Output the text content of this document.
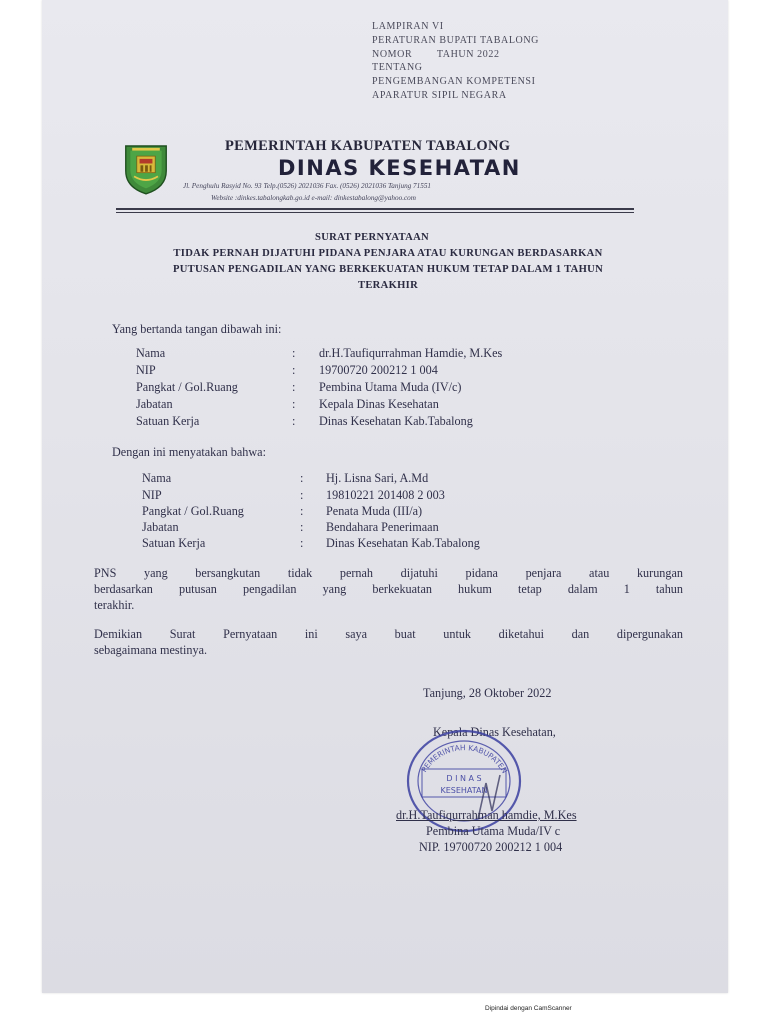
LAMPIRAN VI
PERATURAN BUPATI TABALONG
NOMOR        TAHUN 2022
TENTANG
PENGEMBANGAN KOMPETENSI
APARATUR SIPIL NEGARA
PEMERINTAH KABUPATEN TABALONG
DINAS KESEHATAN
Jl. Penghulu Rasyid No. 93 Telp.(0526) 2021036 Fax. (0526) 2021036 Tanjung 71551
Website :dinkes.tabalongkab.go.id e-mail: dinkestabalong@yahoo.com
SURAT PERNYATAAN
TIDAK PERNAH DIJATUHI PIDANA PENJARA ATAU KURUNGAN BERDASARKAN
PUTUSAN PENGADILAN YANG BERKEKUATAN HUKUM TETAP DALAM 1 TAHUN
TERAKHIR
Yang bertanda tangan dibawah ini:
Nama	: dr.H.Taufiqurrahman Hamdie, M.Kes
NIP	: 19700720 200212 1 004
Pangkat / Gol.Ruang	: Pembina Utama Muda (IV/c)
Jabatan	: Kepala Dinas Kesehatan
Satuan Kerja	: Dinas Kesehatan Kab.Tabalong
Dengan ini menyatakan bahwa:
Nama	: Hj. Lisna Sari, A.Md
NIP	: 19810221 201408 2 003
Pangkat / Gol.Ruang	: Penata Muda (III/a)
Jabatan	: Bendahara Penerimaan
Satuan Kerja	: Dinas Kesehatan Kab.Tabalong
PNS yang bersangkutan tidak pernah dijatuhi pidana penjara atau kurungan
berdasarkan putusan pengadilan yang berkekuatan hukum tetap dalam 1 tahun
terakhir.
Demikian Surat Pernyataan ini saya buat untuk diketahui dan dipergunakan
sebagaimana mestinya.
Tanjung, 28 Oktober 2022
Kepala Dinas Kesehatan,
PEMERINTAH KABUPATEN
D I N A S
KESEHATAN
dr.H.Taufiqurrahman hamdie, M.Kes
Pembina Utama Muda/IV c
NIP. 19700720 200212 1 004
Dipindai dengan CamScanner
